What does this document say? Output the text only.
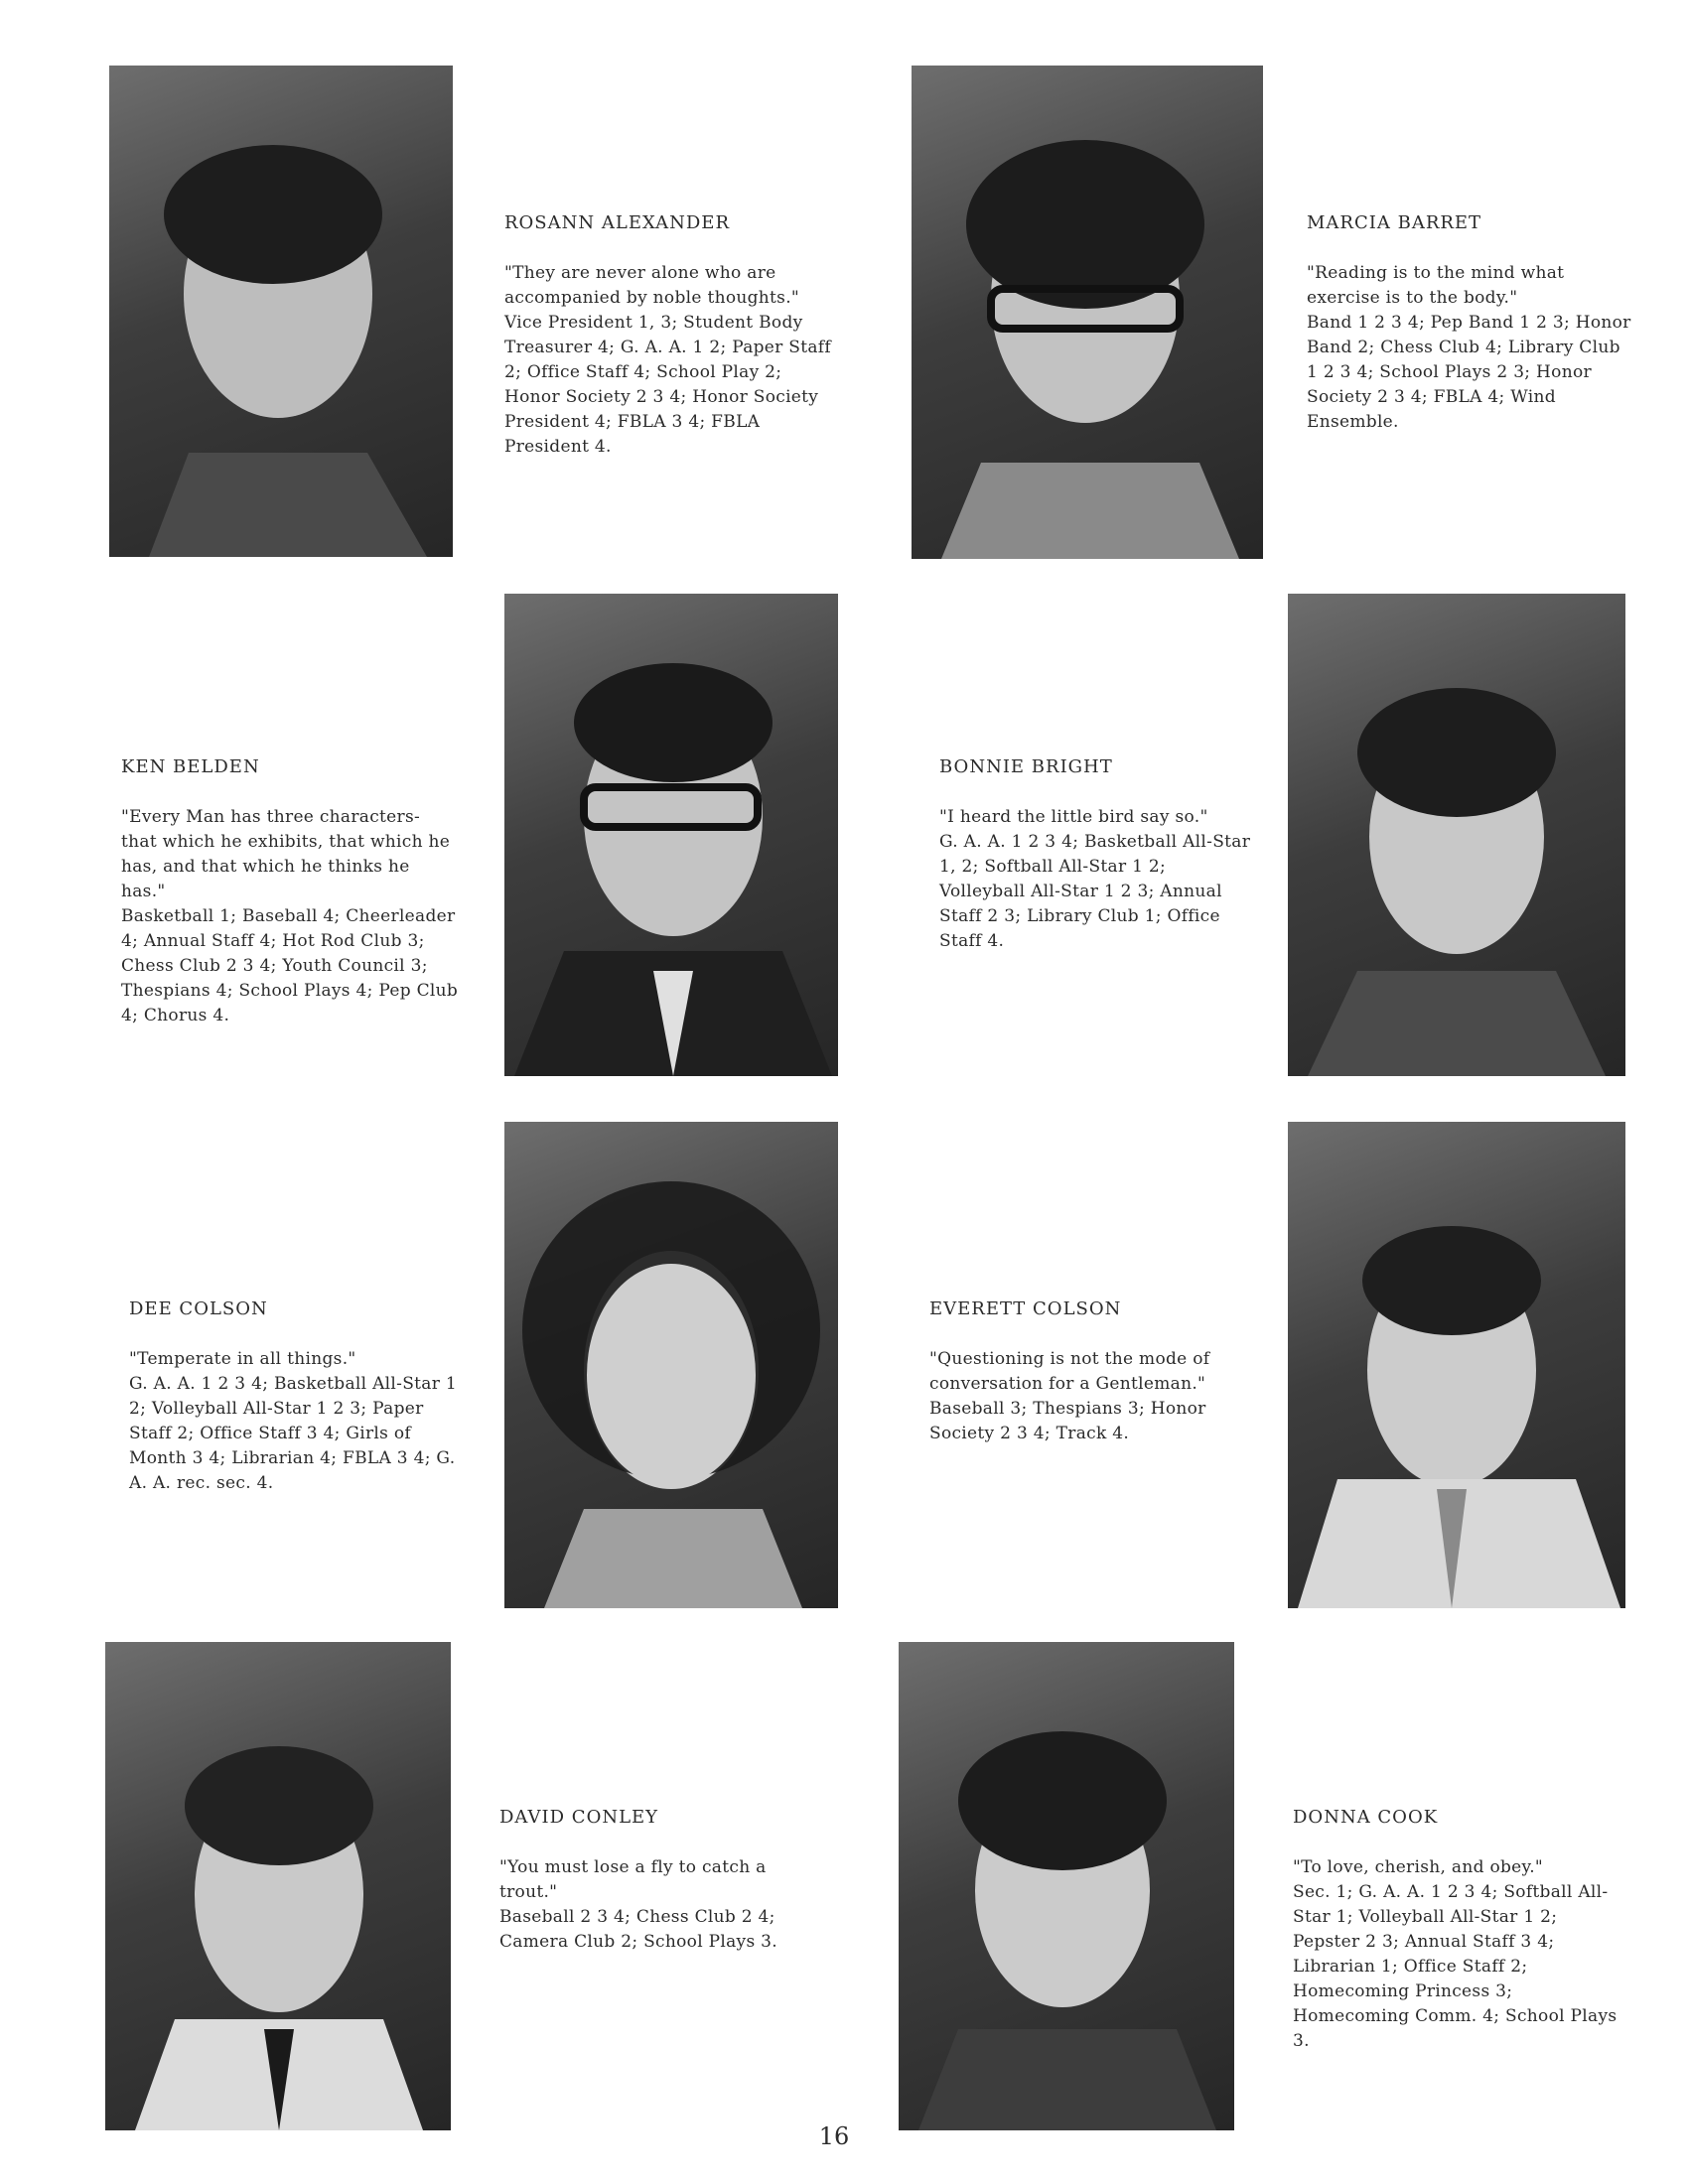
ROSANN ALEXANDER
"They are never alone who are accompanied by noble thoughts."
Vice President 1, 3; Student Body Treasurer 4; G. A. A. 1 2; Paper Staff 2; Office Staff 4; School Play 2; Honor Society 2 3 4; Honor Society President 4; FBLA 3 4; FBLA President 4.
MARCIA BARRET
"Reading is to the mind what exercise is to the body."
Band 1 2 3 4; Pep Band 1 2 3; Honor Band 2; Chess Club 4; Library Club 1 2 3 4; School Plays 2 3; Honor Society 2 3 4; FBLA 4; Wind Ensemble.
KEN BELDEN
"Every Man has three characters- that which he exhibits, that which he has, and that which he thinks he has."
Basketball 1; Baseball 4; Cheerleader 4; Annual Staff 4; Hot Rod Club 3; Chess Club 2 3 4; Youth Council 3; Thespians 4; School Plays 4; Pep Club 4; Chorus 4.
BONNIE BRIGHT
"I heard the little bird say so."
G. A. A. 1 2 3 4; Basketball All-Star 1, 2; Softball All-Star 1 2; Volleyball All-Star 1 2 3; Annual Staff 2 3; Library Club 1; Office Staff 4.
DEE COLSON
"Temperate in all things."
G. A. A. 1 2 3 4; Basketball All-Star 1 2; Volleyball All-Star 1 2 3; Paper Staff 2; Office Staff 3 4; Girls of Month 3 4; Librarian 4; FBLA 3 4; G. A. A. rec. sec. 4.
EVERETT COLSON
"Questioning is not the mode of conversation for a Gentleman."
Baseball 3; Thespians 3; Honor Society 2 3 4; Track 4.
DAVID CONLEY
"You must lose a fly to catch a trout."
Baseball 2 3 4; Chess Club 2 4; Camera Club 2; School Plays 3.
DONNA COOK
"To love, cherish, and obey."
Sec. 1; G. A. A. 1 2 3 4; Softball All-Star 1; Volleyball All-Star 1 2; Pepster 2 3; Annual Staff 3 4; Librarian 1; Office Staff 2; Homecoming Princess 3; Homecoming Comm. 4; School Plays 3.
16
